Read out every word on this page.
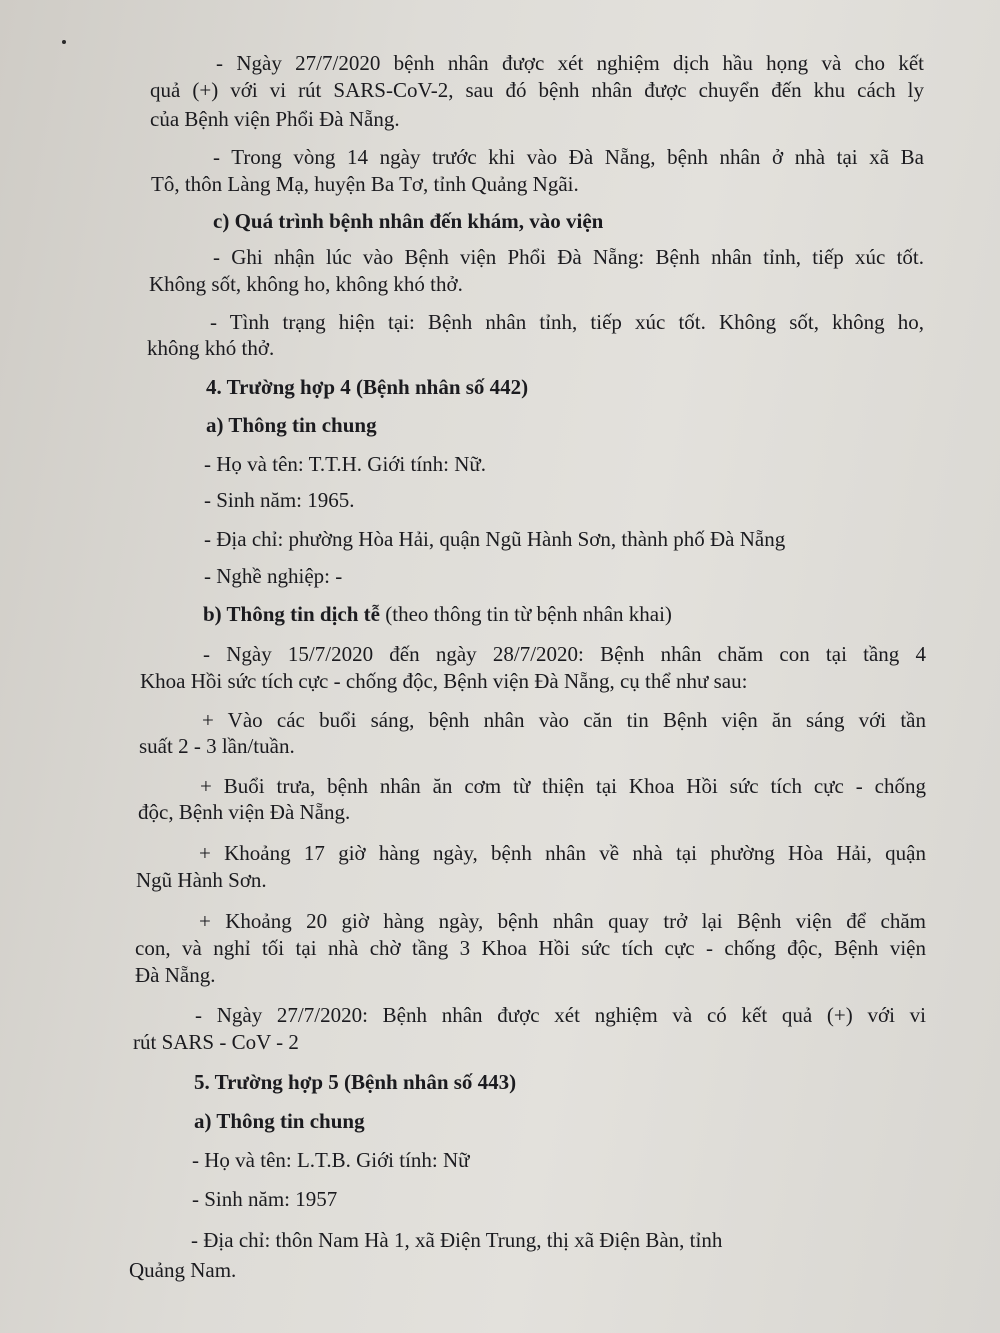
- Ngày 27/7/2020 bệnh nhân được xét nghiệm dịch hầu họng và cho kết
quả (+) với vi rút SARS-CoV-2, sau đó bệnh nhân được chuyển đến khu cách ly
của Bệnh viện Phổi Đà Nẵng.
- Trong vòng 14 ngày trước khi vào Đà Nẵng, bệnh nhân ở nhà tại xã Ba
Tô, thôn Làng Mạ, huyện Ba Tơ, tỉnh Quảng Ngãi.
c) Quá trình bệnh nhân đến khám, vào viện
- Ghi nhận lúc vào Bệnh viện Phổi Đà Nẵng: Bệnh nhân tỉnh, tiếp xúc tốt.
Không sốt, không ho, không khó thở.
- Tình trạng hiện tại: Bệnh nhân tỉnh, tiếp xúc tốt. Không sốt, không ho,
không khó thở.
4. Trường hợp 4 (Bệnh nhân số 442)
a) Thông tin chung
- Họ và tên: T.T.H. Giới tính: Nữ.
- Sinh năm: 1965.
- Địa chỉ: phường Hòa Hải, quận Ngũ Hành Sơn, thành phố Đà Nẵng
- Nghề nghiệp: -
b) Thông tin dịch tễ (theo thông tin từ bệnh nhân khai)
- Ngày 15/7/2020 đến ngày 28/7/2020: Bệnh nhân chăm con tại tầng 4
Khoa Hồi sức tích cực - chống độc, Bệnh viện Đà Nẵng, cụ thể như sau:
+ Vào các buổi sáng, bệnh nhân vào căn tin Bệnh viện ăn sáng với tần
suất 2 - 3 lần/tuần.
+ Buổi trưa, bệnh nhân ăn cơm từ thiện tại Khoa Hồi sức tích cực - chống
độc, Bệnh viện Đà Nẵng.
+ Khoảng 17 giờ hàng ngày, bệnh nhân về nhà tại phường Hòa Hải, quận
Ngũ Hành Sơn.
+ Khoảng 20 giờ hàng ngày, bệnh nhân quay trở lại Bệnh viện để chăm
con, và nghỉ tối tại nhà chờ tầng 3 Khoa Hồi sức tích cực - chống độc, Bệnh viện
Đà Nẵng.
- Ngày 27/7/2020: Bệnh nhân được xét nghiệm và có kết quả (+) với vi
rút SARS - CoV - 2
5. Trường hợp 5 (Bệnh nhân số 443)
a) Thông tin chung
- Họ và tên: L.T.B. Giới tính: Nữ
- Sinh năm: 1957
- Địa chỉ: thôn Nam Hà 1, xã Điện Trung, thị xã Điện Bàn, tỉnh
Quảng Nam.
